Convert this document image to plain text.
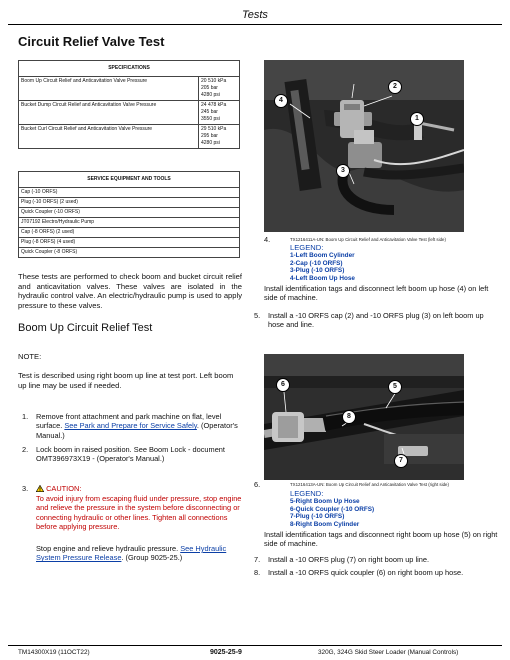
Tests
Circuit Relief Valve Test
SPECIFICATIONS	
Boom Up Circuit Relief and Anticavitation Valve Pressure	20 510 kPa
205 bar
4280 psi

Bucket Dump Circuit Relief and Anticavitation Valve Pressure	24 478 kPa
245 bar
3550 psi

Bucket Curl Circuit Relief and Anticavitation Valve Pressure	29 510 kPa
295 bar
4280 psi
SERVICE EQUIPMENT AND TOOLS
Cap (-10 ORFS)
Plug (-10 ORFS) (2 used)
Quick Coupler (-10 ORFS)
JT07192 Electro/Hydraulic Pump
Cap (-8 ORFS) (2 used)
Plug (-8 ORFS) (4 used)
Quick Coupler (-8 ORFS)
These tests are performed to check boom and bucket circuit relief and anticavitation valves. These valves are isolated in the hydraulic control valve. An electric/hydraulic pump is used to apply pressure to these valves.
Boom Up Circuit Relief Test
NOTE:
Test is described using right boom up line at test port. Left boom up line may be used if needed.
1. Remove front attachment and park machine on flat, level surface. See Park and Prepare for Service Safely. (Operator's Manual.)
2. Lock boom in raised position. See Boom Lock - document OMT396973X19 - (Operator's Manual.)
3.	CAUTION:
To avoid injury from escaping fluid under pressure, stop engine and relieve the pressure in the system before disconnecting or connecting hydraulic or other lines. Tighten all connections before applying pressure.
Stop engine and relieve hydraulic pressure. See Hydraulic System Pressure Release. (Group 9025-25.)
2
1
4
3
TX1216411A-UN: Boom Up Circuit Relief and Anticavitation Valve Test (left side)
4.
LEGEND:
1-Left Boom Cylinder
2-Cap (-10 ORFS)
3-Plug (-10 ORFS)
4-Left Boom Up Hose
Install identification tags and disconnect left boom up hose (4) on left side of machine.
5. Install a -10 ORFS cap (2) and -10 ORFS plug (3) on left boom up hose and line.
6	5
8
7
6.	TX1216413A-UN: Boom Up Circuit Relief and Anticavitation Valve Test (right side)
LEGEND:
5-Right Boom Up Hose
6-Quick Coupler (-10 ORFS)
7-Plug (-10 ORFS)
8-Right Boom Cylinder
Install identification tags and disconnect right boom up hose (5) on right side of machine.
7. Install a -10 ORFS plug (7) on right boom up line.
8. Install a -10 ORFS quick coupler (6) on right boom up hose.
TM14300X19 (11OCT22)	9025-25-9	320G, 324G Skid Steer Loader (Manual Controls)
